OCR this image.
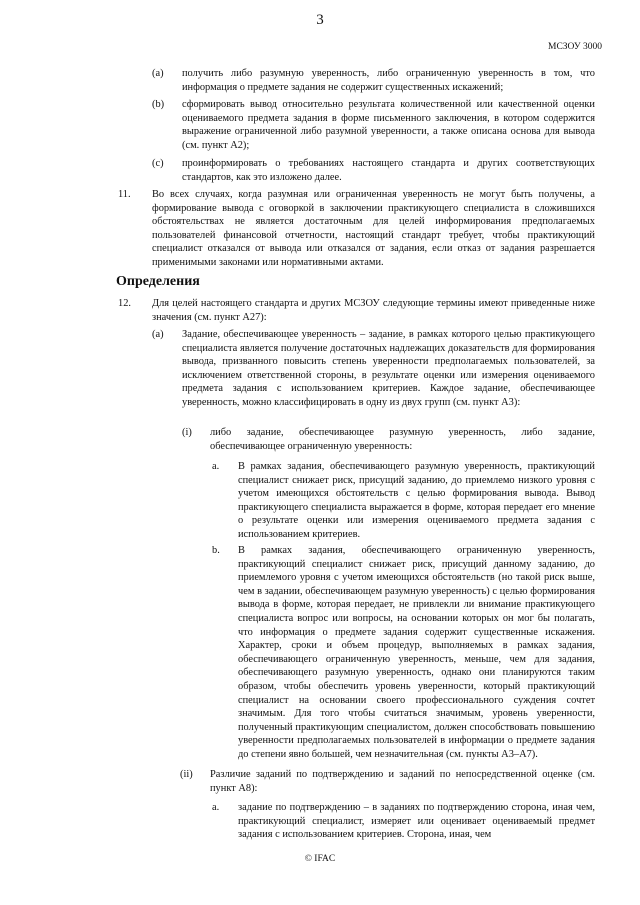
3
МСЗОУ 3000
(a) получить либо разумную уверенность, либо ограниченную уверенность в том, что информация о предмете задания не содержит существенных искажений;
(b) сформировать вывод относительно результата количественной или качественной оценки оцениваемого предмета задания в форме письменного заключения, в котором содержится выражение ограниченной либо разумной уверенности, а также описана основа для вывода (см. пункт А2);
(c) проинформировать о требованиях настоящего стандарта и других соответствующих стандартов, как это изложено далее.
11. Во всех случаях, когда разумная или ограниченная уверенность не могут быть получены, а формирование вывода с оговоркой в заключении практикующего специалиста в сложившихся обстоятельствах не является достаточным для целей информирования предполагаемых пользователей финансовой отчетности, настоящий стандарт требует, чтобы практикующий специалист отказался от вывода или отказался от задания, если отказ от задания разрешается применимыми законами или нормативными актами.
Определения
12. Для целей настоящего стандарта и других МСЗОУ следующие термины имеют приведенные ниже значения (см. пункт А27):
(a) Задание, обеспечивающее уверенность – задание, в рамках которого целью практикующего специалиста является получение достаточных надлежащих доказательств для формирования вывода, призванного повысить степень уверенности предполагаемых пользователей, за исключением ответственной стороны, в результате оценки или измерения оцениваемого предмета задания с использованием критериев. Каждое задание, обеспечивающее уверенность, можно классифицировать в одну из двух групп (см. пункт А3):
(i) либо задание, обеспечивающее разумную уверенность, либо задание, обеспечивающее ограниченную уверенность:
a. В рамках задания, обеспечивающего разумную уверенность, практикующий специалист снижает риск, присущий заданию, до приемлемо низкого уровня с учетом имеющихся обстоятельств с целью формирования вывода. Вывод практикующего специалиста выражается в форме, которая передает его мнение о результате оценки или измерения оцениваемого предмета задания с использованием критериев.
b. В рамках задания, обеспечивающего ограниченную уверенность, практикующий специалист снижает риск, присущий данному заданию, до приемлемого уровня с учетом имеющихся обстоятельств (но такой риск выше, чем в задании, обеспечивающем разумную уверенность) с целью формирования вывода в форме, которая передает, не привлекли ли внимание практикующего специалиста вопрос или вопросы, на основании которых он мог бы полагать, что информация о предмете задания содержит существенные искажения. Характер, сроки и объем процедур, выполняемых в рамках задания, обеспечивающего ограниченную уверенность, меньше, чем для задания, обеспечивающего разумную уверенность, однако они планируются таким образом, чтобы обеспечить уровень уверенности, который практикующий специалист на основании своего профессионального суждения сочтет значимым. Для того чтобы считаться значимым, уровень уверенности, полученный практикующим специалистом, должен способствовать повышению уверенности предполагаемых пользователей в информации о предмете задания до степени явно большей, чем незначительная (см. пункты А3–А7).
(ii) Различие заданий по подтверждению и заданий по непосредственной оценке (см. пункт А8):
a. задание по подтверждению – в заданиях по подтверждению сторона, иная чем, практикующий специалист, измеряет или оценивает оцениваемый предмет задания с использованием критериев. Сторона, иная, чем
© IFAC
